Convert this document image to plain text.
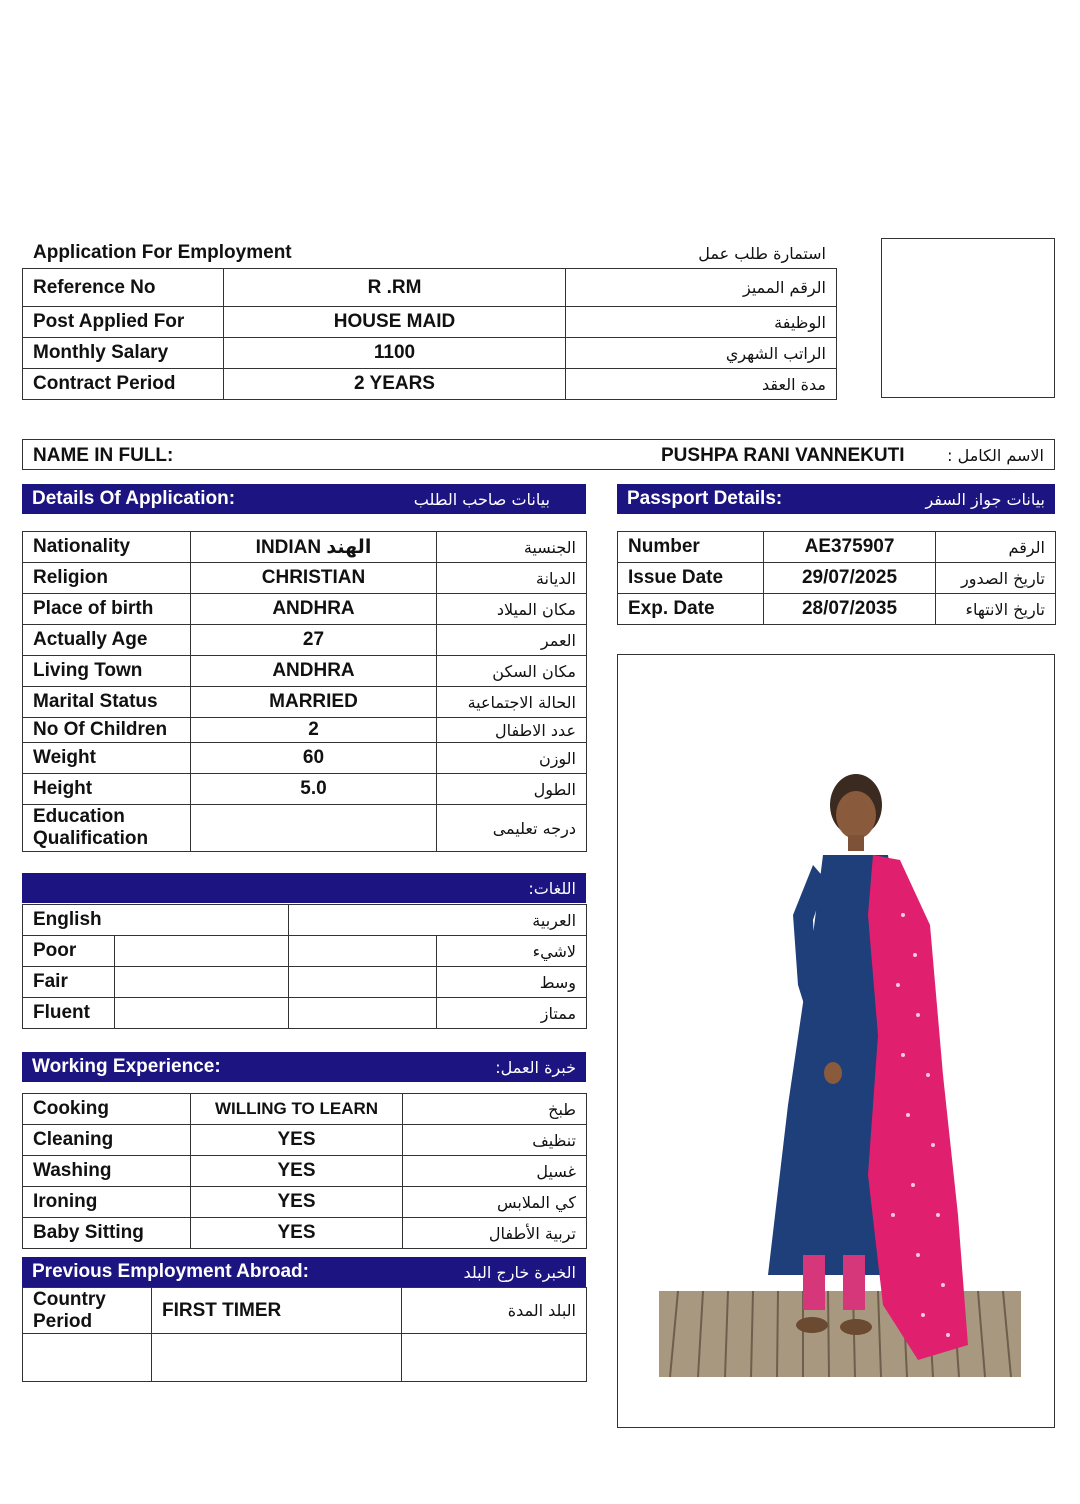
Application For Employment	استمارة طلب عمل
Reference No	R .RM	الرقم المميز
Post Applied For	HOUSE MAID	الوظيفة
Monthly Salary	1100	الراتب الشهري
Contract Period	2 YEARS	مدة العقد
NAME IN FULL:	PUSHPA RANI VANNEKUTI	الاسم الكامل :
Details Of Application:	بيانات صاحب الطلب	Passport Details:	بيانات جواز السفر
Nationality	INDIAN الهند	الجنسية
Religion	CHRISTIAN	الديانة
Place of birth	ANDHRA	مكان الميلاد
Actually Age	27	العمر
Living Town	ANDHRA	مكان السكن
Marital Status	MARRIED	الحالة الاجتماعية
No Of Children	2	عدد الاطفال
Weight	60	الوزن
Height	5.0	الطول

Education
Qualification		درجه تعليمى
Number	AE375907	الرقم
Issue Date	29/07/2025	تاريخ الصدور
Exp. Date	28/07/2035	تاريخ الانتهاء
اللغات:
English		العربية	
Poor			لاشيء
Fair			وسط
Fluent			ممتاز
Working Experience:	خبرة العمل:
Cooking	WILLING TO LEARN	طبخ
Cleaning	YES	تنظيف
Washing	YES	غسيل
Ironing	YES	كي الملابس
Baby Sitting	YES	تربية الأطفال
Previous Employment Abroad:	الخبرة خارج البلد
Country
Period	FIRST TIMER	البلد المدة
